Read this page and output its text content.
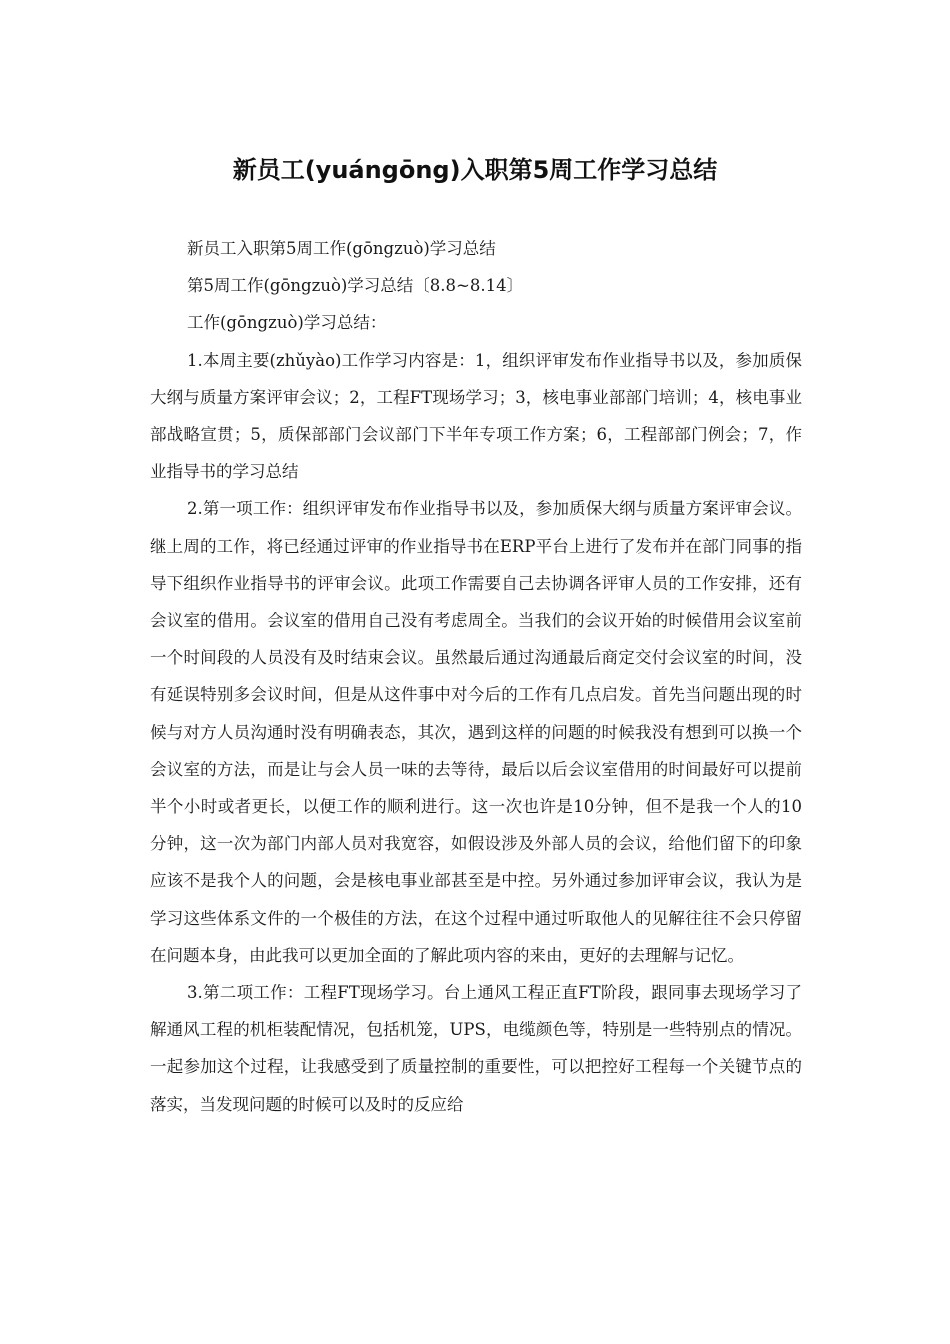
新员工(yuángōng)入职第5周工作学习总结

新员工入职第5周工作(gōngzuò)学习总结

第5周工作(gōngzuò)学习总结〔8.8~8.14〕

工作(gōngzuò)学习总结：

1.本周主要(zhǔyào)工作学习内容是：1，组织评审发布作业指导书以及，参加质保大纲与质量方案评审会议；2，工程FT现场学习；3，核电事业部部门培训；4，核电事业部战略宣贯；5，质保部部门会议部门下半年专项工作方案；6，工程部部门例会；7，作业指导书的学习总结

2.第一项工作：组织评审发布作业指导书以及，参加质保大纲与质量方案评审会议。继上周的工作，将已经通过评审的作业指导书在ERP平台上进行了发布并在部门同事的指导下组织作业指导书的评审会议。此项工作需要自己去协调各评审人员的工作安排，还有会议室的借用。会议室的借用自己没有考虑周全。当我们的会议开始的时候借用会议室前一个时间段的人员没有及时结束会议。虽然最后通过沟通最后商定交付会议室的时间，没有延误特别多会议时间，但是从这件事中对今后的工作有几点启发。首先当问题出现的时候与对方人员沟通时没有明确表态，其次，遇到这样的问题的时候我没有想到可以换一个会议室的方法，而是让与会人员一味的去等待，最后以后会议室借用的时间最好可以提前半个小时或者更长，以便工作的顺利进行。这一次也许是10分钟，但不是我一个人的10分钟，这一次为部门内部人员对我宽容，如假设涉及外部人员的会议，给他们留下的印象应该不是我个人的问题，会是核电事业部甚至是中控。另外通过参加评审会议，我认为是学习这些体系文件的一个极佳的方法，在这个过程中通过听取他人的见解往往不会只停留在问题本身，由此我可以更加全面的了解此项内容的来由，更好的去理解与记忆。

3.第二项工作：工程FT现场学习。台上通风工程正直FT阶段，跟同事去现场学习了解通风工程的机柜装配情况，包括机笼，UPS，电缆颜色等，特别是一些特别点的情况。一起参加这个过程，让我感受到了质量控制的重要性，可以把控好工程每一个关键节点的落实，当发现问题的时候可以及时的反应给
